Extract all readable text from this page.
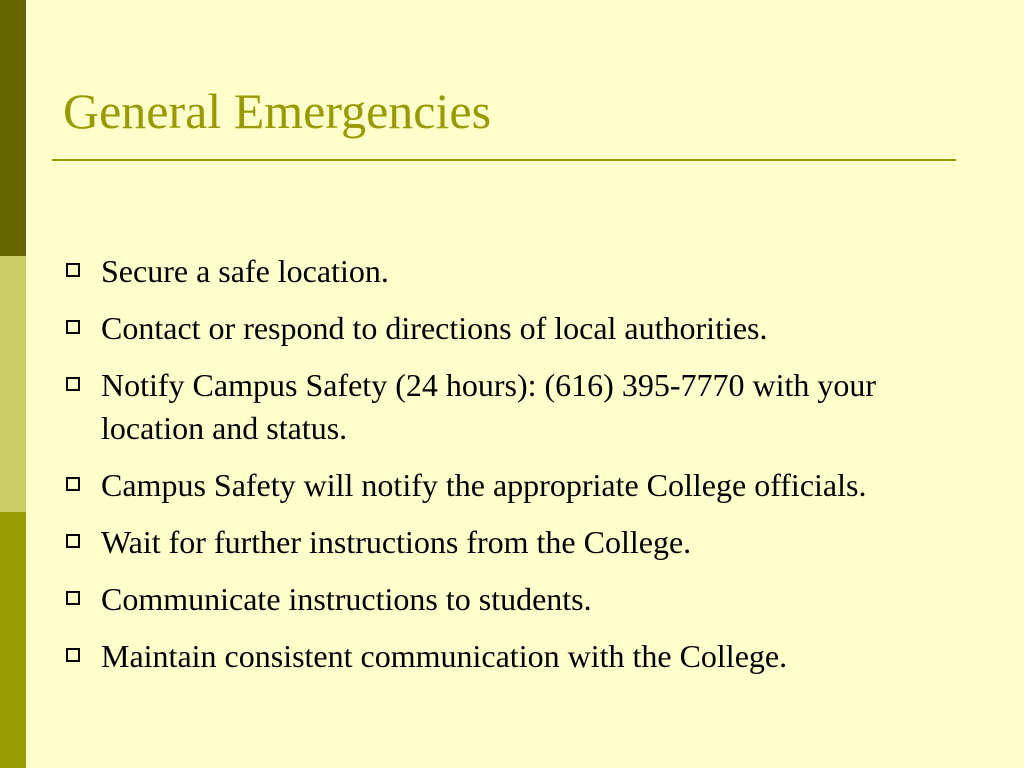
General Emergencies
Secure a safe location.
Contact or respond to directions of local authorities.
Notify Campus Safety (24 hours): (616) 395-7770 with your location and status.
Campus Safety will notify the appropriate College officials.
Wait for further instructions from the College.
Communicate instructions to students.
Maintain consistent communication with the College.
